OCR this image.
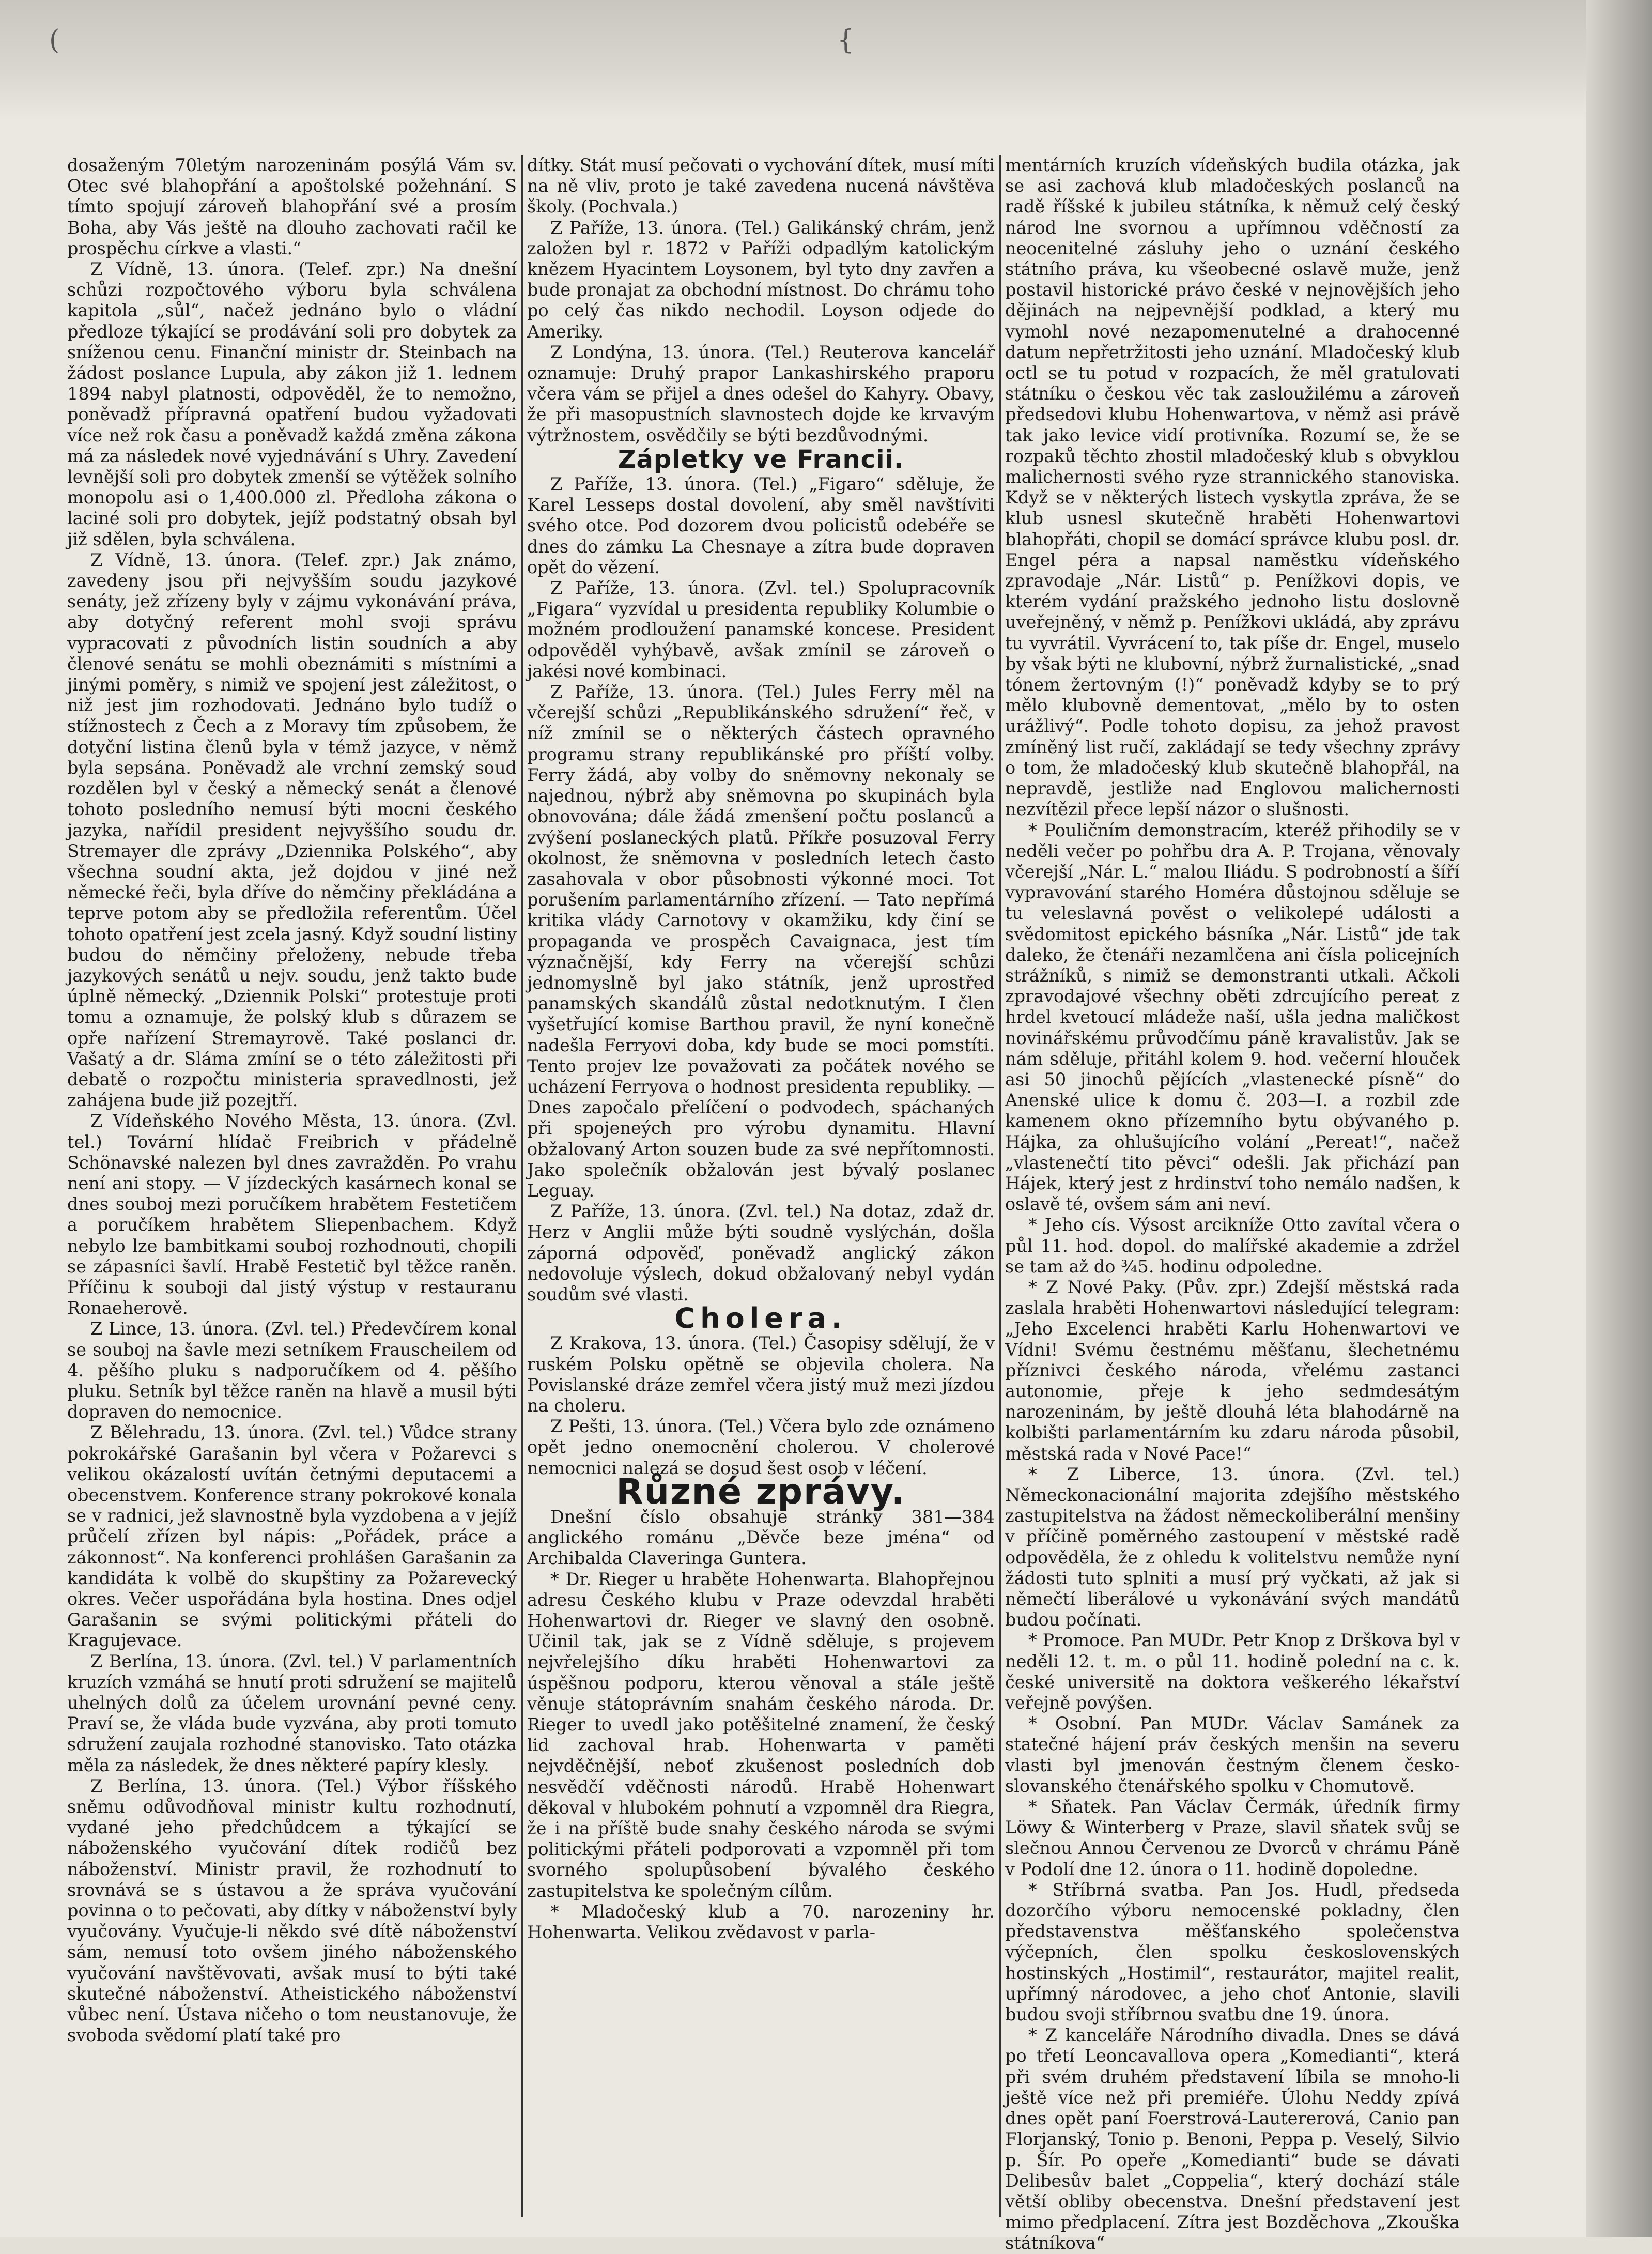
(	{

dosaženým 70letým narozeninám posýlá Vám sv. Otec své blahopřání a apoštolské požehnání. S tímto spojují zároveň blahopřání své a prosím Boha, aby Vás ještě na dlouho zachovati račil ke prospěchu církve a vlasti.“

Z Vídně, 13. února. (Telef. zpr.) Na dnešní schůzi rozpočtového výboru byla schválena kapitola „sůl“, načež jednáno bylo o vládní předloze týkající se prodávání soli pro dobytek za sníženou cenu. Finanční ministr dr. Steinbach na žádost poslance Lupula, aby zákon již 1. lednem 1894 nabyl platnosti, odpověděl, že to nemožno, poněvadž přípravná opatření budou vyžadovati více než rok času a poněvadž každá změna zákona má za následek nové vyjednávání s Uhry. Zavedení levnější soli pro dobytek zmenší se výtěžek solního monopolu asi o 1,400.000 zl. Předloha zákona o laciné soli pro dobytek, jejíž podstatný obsah byl již sdělen, byla schválena.

Z Vídně, 13. února. (Telef. zpr.) Jak známo, zavedeny jsou při nejvyšším soudu jazykové senáty, jež zřízeny byly v zájmu vykonávání práva, aby dotyčný referent mohl svoji správu vypracovati z původních listin soudních a aby členové senátu se mohli obeznámiti s místními a jinými poměry, s nimiž ve spojení jest záležitost, o niž jest jim rozhodovati. Jednáno bylo tudíž o stížnostech z Čech a z Moravy tím způsobem, že dotyční listina členů byla v témž jazyce, v němž byla sepsána. Poněvadž ale vrchní zemský soud rozdělen byl v český a německý senát a členové tohoto posledního nemusí býti mocni českého jazyka, nařídil president nejvyššího soudu dr. Stremayer dle zprávy „Dziennika Polského“, aby všechna soudní akta, jež dojdou v jiné než německé řeči, byla dříve do němčiny překládána a teprve potom aby se předložila referentům. Účel tohoto opatření jest zcela jasný. Když soudní listiny budou do němčiny přeloženy, nebude třeba jazykových senátů u nejv. soudu, jenž takto bude úplně německý. „Dziennik Polski“ protestuje proti tomu a oznamuje, že polský klub s důrazem se opře nařízení Stremayrově. Také poslanci dr. Vašatý a dr. Sláma zmíní se o této záležitosti při debatě o rozpočtu ministeria spravedlnosti, jež zahájena bude již pozejtří.

Z Vídeňského Nového Města, 13. února. (Zvl. tel.) Tovární hlídač Freibrich v přádelně Schönavské nalezen byl dnes zavražděn. Po vrahu není ani stopy. — V jízdeckých kasárnech konal se dnes souboj mezi poručíkem hrabětem Festetičem a poručíkem hrabětem Sliepenbachem. Když nebylo lze bambitkami souboj rozhodnouti, chopili se zápasníci šavlí. Hrabě Festetič byl těžce raněn. Příčinu k souboji dal jistý výstup v restauranu Ronaeherově.

Z Lince, 13. února. (Zvl. tel.) Předevčírem konal se souboj na šavle mezi setníkem Frauscheilem od 4. pěšího pluku s nadporučíkem od 4. pěšího pluku. Setník byl těžce raněn na hlavě a musil býti dopraven do nemocnice.

Z Bělehradu, 13. února. (Zvl. tel.) Vůdce strany pokrokářské Garašanin byl včera v Požarevci s velikou okázalostí uvítán četnými deputacemi a obecenstvem. Konference strany pokrokové konala se v radnici, jež slavnostně byla vyzdobena a v jejíž průčelí zřízen byl nápis: „Pořádek, práce a zákonnost“. Na konferenci prohlášen Garašanin za kandidáta k volbě do skupštiny za Požarevecký okres. Večer uspořádána byla hostina. Dnes odjel Garašanin se svými politickými přáteli do Kragujevace.

Z Berlína, 13. února. (Zvl. tel.) V parlamentních kruzích vzmáhá se hnutí proti sdružení se majitelů uhelných dolů za účelem urovnání pevné ceny. Praví se, že vláda bude vyzvána, aby proti tomuto sdružení zaujala rozhodné stanovisko. Tato otázka měla za následek, že dnes některé papíry klesly.

Z Berlína, 13. února. (Tel.) Výbor říšského sněmu odůvodňoval ministr kultu rozhodnutí, vydané jeho předchůdcem a týkající se náboženského vyučování dítek rodičů bez náboženství. Ministr pravil, že rozhodnutí to srovnává se s ústavou a že správa vyučování povinna o to pečovati, aby dítky v náboženství byly vyučovány. Vyučuje-li někdo své dítě náboženství sám, nemusí toto ovšem jiného náboženského vyučování navštěvovati, avšak musí to býti také skutečné náboženství. Atheistického náboženství vůbec není. Ústava ničeho o tom neustanovuje, že svoboda svědomí platí také pro

dítky. Stát musí pečovati o vychování dítek, musí míti na ně vliv, proto je také zavedena nucená návštěva školy. (Pochvala.)

Z Paříže, 13. února. (Tel.) Galikánský chrám, jenž založen byl r. 1872 v Paříži odpadlým katolickým knězem Hyacintem Loysonem, byl tyto dny zavřen a bude pronajat za obchodní místnost. Do chrámu toho po celý čas nikdo nechodil. Loyson odjede do Ameriky.

Z Londýna, 13. února. (Tel.) Reuterova kancelář oznamuje: Druhý prapor Lankashirského praporu včera vám se přijel a dnes odešel do Kahyry. Obavy, že při masopustních slavnostech dojde ke krvavým výtržnostem, osvědčily se býti bezdůvodnými.

Zápletky ve Francii.

Z Paříže, 13. února. (Tel.) „Figaro“ sděluje, že Karel Lesseps dostal dovolení, aby směl navštíviti svého otce. Pod dozorem dvou policistů odebéře se dnes do zámku La Chesnaye a zítra bude dopraven opět do vězení.

Z Paříže, 13. února. (Zvl. tel.) Spolupracovník „Figara“ vyzvídal u presidenta republiky Kolumbie o možném prodloužení panamské koncese. President odpověděl vyhýbavě, avšak zmínil se zároveň o jakési nové kombinaci.

Z Paříže, 13. února. (Tel.) Jules Ferry měl na včerejší schůzi „Republikánského sdružení“ řeč, v níž zmínil se o některých částech opravného programu strany republikánské pro příští volby. Ferry žádá, aby volby do sněmovny nekonaly se najednou, nýbrž aby sněmovna po skupinách byla obnovována; dále žádá zmenšení počtu poslanců a zvýšení poslaneckých platů. Příkře posuzoval Ferry okolnost, že sněmovna v posledních letech často zasahovala v obor působnosti výkonné moci. Tot porušením parlamentárního zřízení. — Tato nepřímá kritika vlády Carnotovy v okamžiku, kdy činí se propaganda ve prospěch Cavaignaca, jest tím význačnější, kdy Ferry na včerejší schůzi jednomyslně byl jako státník, jenž uprostřed panamských skandálů zůstal nedotknutým. I člen vyšetřující komise Barthou pravil, že nyní konečně nadešla Ferryovi doba, kdy bude se moci pomstíti. Tento projev lze považovati za počátek nového se ucházení Ferryova o hodnost presidenta republiky. — Dnes započalo přelíčení o podvodech, spáchaných při spojeneých pro výrobu dynamitu. Hlavní obžalovaný Arton souzen bude za své nepřítomnosti. Jako společník obžalován jest bývalý poslanec Leguay.

Z Paříže, 13. února. (Zvl. tel.) Na dotaz, zdaž dr. Herz v Anglii může býti soudně vyslýchán, došla záporná odpověď, poněvadž anglický zákon nedovoluje výslech, dokud obžalovaný nebyl vydán soudům své vlasti.

Cholera.

Z Krakova, 13. února. (Tel.) Časopisy sdělují, že v ruském Polsku opětně se objevila cholera. Na Povislanské dráze zemřel včera jistý muž mezi jízdou na choleru.

Z Pešti, 13. února. (Tel.) Včera bylo zde oznámeno opět jedno onemocnění cholerou. V cholerové nemocnici nalezá se dosud šest osob v léčení.

Různé zprávy.

Dnešní číslo obsahuje stránky 381—384 anglického románu „Děvče beze jména“ od Archibalda Claveringa Guntera.

* Dr. Rieger u hraběte Hohenwarta. Blahopřejnou adresu Českého klubu v Praze odevzdal hraběti Hohenwartovi dr. Rieger ve slavný den osobně. Učinil tak, jak se z Vídně sděluje, s projevem nejvřelejšího díku hraběti Hohenwartovi za úspěšnou podporu, kterou věnoval a stále ještě věnuje státoprávním snahám českého národa. Dr. Rieger to uvedl jako potěšitelné znamení, že český lid zachoval hrab. Hohenwarta v paměti nejvděčnější, neboť zkušenost posledních dob nesvědčí vděčnosti národů. Hrabě Hohenwart děkoval v hlubokém pohnutí a vzpomněl dra Riegra, že i na příště bude snahy českého národa se svými politickými přáteli podporovati a vzpomněl při tom svorného spolupůsobení bývalého českého zastupitelstva ke společným cílům.

* Mladočeský klub a 70. narozeniny hr. Hohenwarta. Velikou zvědavost v parla-

mentárních kruzích vídeňských budila otázka, jak se asi zachová klub mladočeských poslanců na radě říšské k jubileu státníka, k němuž celý český národ lne svornou a upřímnou vděčností za neocenitelné zásluhy jeho o uznání českého státního práva, ku všeobecné oslavě muže, jenž postavil historické právo české v nejnovějších jeho dějinách na nejpevnější podklad, a který mu vymohl nové nezapomenutelné a drahocenné datum nepřetržitosti jeho uznání. Mladočeský klub octl se tu potud v rozpacích, že měl gratulovati státníku o českou věc tak zasloužilému a zároveň předsedovi klubu Hohenwartova, v němž asi právě tak jako levice vidí protivníka. Rozumí se, že se rozpaků těchto zhostil mladočeský klub s obvyklou malichernosti svého ryze strannického stanoviska. Když se v některých listech vyskytla zpráva, že se klub usnesl skutečně hraběti Hohenwartovi blahopřáti, chopil se domácí správce klubu posl. dr. Engel péra a napsal naměstku vídeňského zpravodaje „Nár. Listů“ p. Penížkovi dopis, ve kterém vydání pražského jednoho listu doslovně uveřejněný, v němž p. Penížkovi ukládá, aby zprávu tu vyvrátil. Vyvrácení to, tak píše dr. Engel, muselo by však býti ne klubovní, nýbrž žurnalistické, „snad tónem žertovným (!)“ poněvadž kdyby se to prý mělo klubovně dementovat, „mělo by to osten urážlivý“. Podle tohoto dopisu, za jehož pravost zmíněný list ručí, zakládají se tedy všechny zprávy o tom, že mladočeský klub skutečně blahopřál, na nepravdě, jestliže nad Englovou malichernosti nezvítězil přece lepší názor o slušnosti.

* Pouličním demonstracím, kteréž přihodily se v neděli večer po pohřbu dra A. P. Trojana, věnovaly včerejší „Nár. L.“ malou Iliádu. S podrobností a šíří vypravování starého Homéra důstojnou sděluje se tu veleslavná pověst o velikolepé události a svědomitost epického básníka „Nár. Listů“ jde tak daleko, že čtenáři nezamlčena ani čísla policejních strážníků, s nimiž se demonstranti utkali. Ačkoli zpravodajové všechny oběti zdrcujícího pereat z hrdel kvetoucí mládeže naší, ušla jedna maličkost novinářskému průvodčímu páně kravalistův. Jak se nám sděluje, přitáhl kolem 9. hod. večerní hlouček asi 50 jinochů pějících „vlastenecké písně“ do Anenské ulice k domu č. 203—I. a rozbil zde kamenem okno přízemního bytu obývaného p. Hájka, za ohlušujícího volání „Pereat!“, načež „vlastenečtí tito pěvci“ odešli. Jak přichází pan Hájek, který jest z hrdinství toho nemálo nadšen, k oslavě té, ovšem sám ani neví.

* Jeho cís. Výsost arcikníže Otto zavítal včera o půl 11. hod. dopol. do malířské akademie a zdržel se tam až do ¾5. hodinu odpoledne.

* Z Nové Paky. (Pův. zpr.) Zdejší městská rada zaslala hraběti Hohenwartovi následující telegram: „Jeho Excelenci hraběti Karlu Hohenwartovi ve Vídni! Svému čestnému měšťanu, šlechetnému příznivci českého národa, vřelému zastanci autonomie, přeje k jeho sedmdesátým narozeninám, by ještě dlouhá léta blahodárně na kolbišti parlamentárním ku zdaru národa působil, městská rada v Nové Pace!“

* Z Liberce, 13. února. (Zvl. tel.) Německonacionální majorita zdejšího městského zastupitelstva na žádost německoliberální menšiny v příčině poměrného zastoupení v městské radě odpověděla, že z ohledu k volitelstvu nemůže nyní žádosti tuto splniti a musí prý vyčkati, až jak si němečtí liberálové u vykonávání svých mandátů budou počínati.

* Promoce. Pan MUDr. Petr Knop z Drškova byl v neděli 12. t. m. o půl 11. hodině polední na c. k. české universitě na doktora veškerého lékařství veřejně povýšen.

* Osobní. Pan MUDr. Václav Samánek za statečné hájení práv českých menšin na severu vlasti byl jmenován čestným členem česko-slovanského čtenářského spolku v Chomutově.

* Sňatek. Pan Václav Čermák, úředník firmy Löwy & Winterberg v Praze, slavil sňatek svůj se slečnou Annou Červenou ze Dvorců v chrámu Páně v Podolí dne 12. února o 11. hodině dopoledne.

* Stříbrná svatba. Pan Jos. Hudl, předseda dozorčího výboru nemocenské pokladny, člen představenstva měšťanského společenstva výčepních, člen spolku československých hostinských „Hostimil“, restaurátor, majitel realit, upřímný národovec, a jeho choť Antonie, slavili budou svoji stříbrnou svatbu dne 19. února.

* Z kanceláře Národního divadla. Dnes se dává po třetí Leoncavallova opera „Komedianti“, která při svém druhém představení líbila se mnoho-li ještě více než při premiéře. Úlohu Neddy zpívá dnes opět paní Foerstrová-Lautererová, Canio pan Florjanský, Tonio p. Benoni, Peppa p. Veselý, Silvio p. Šír. Po opeře „Komedianti“ bude se dávati Delibesův balet „Coppelia“, který dochází stále větší obliby obecenstva. Dnešní představení jest mimo předplacení. Zítra jest Bozděchova „Zkouška státníkova“
